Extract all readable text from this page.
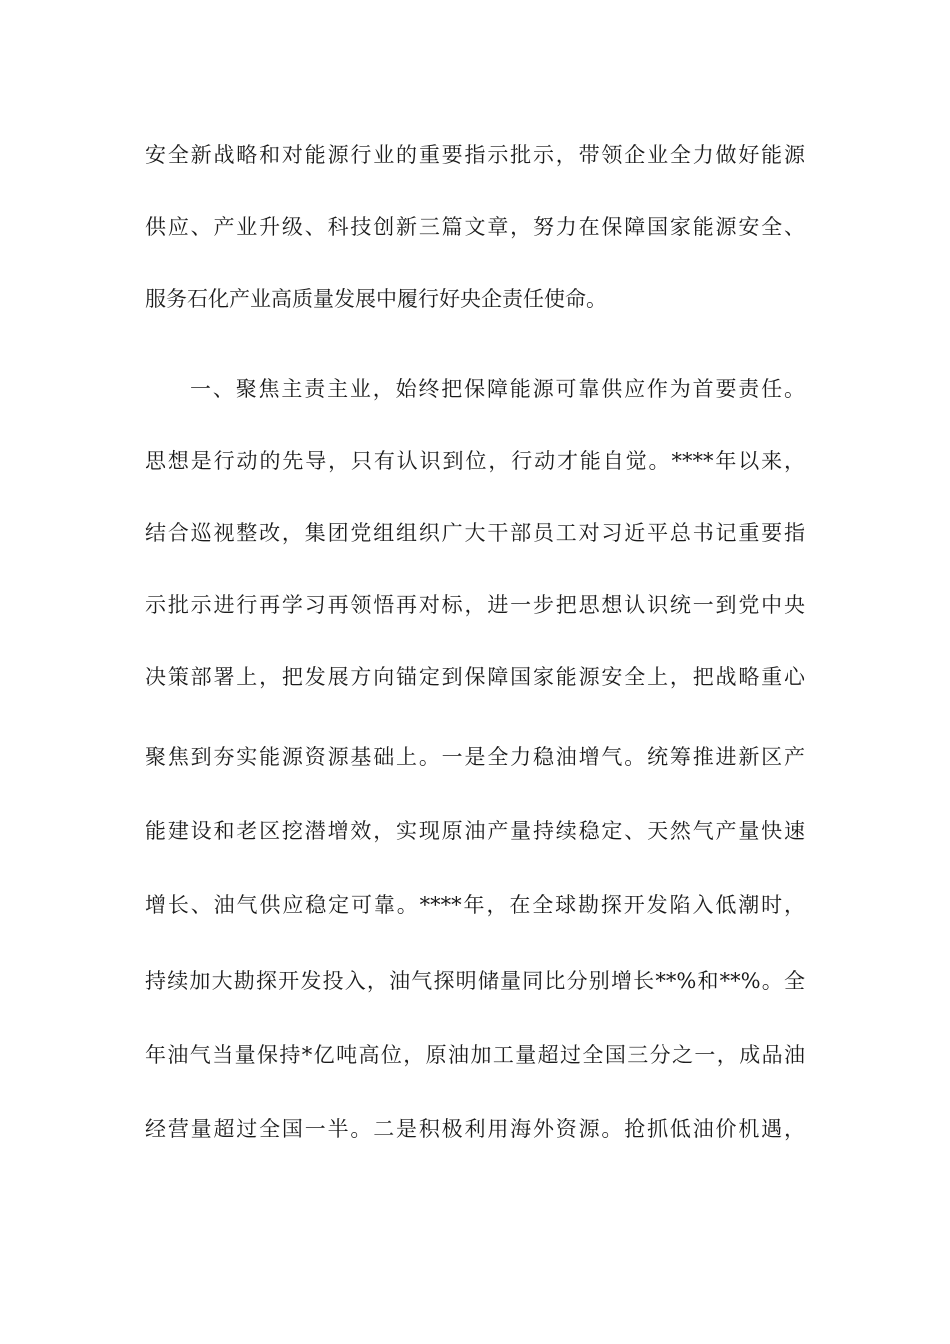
安全新战略和对能源行业的重要指示批示，带领企业全力做好能源
供应、产业升级、科技创新三篇文章，努力在保障国家能源安全、
服务石化产业高质量发展中履行好央企责任使命。
一、聚焦主责主业，始终把保障能源可靠供应作为首要责任。
思想是行动的先导，只有认识到位，行动才能自觉。****年以来，
结合巡视整改，集团党组组织广大干部员工对习近平总书记重要指
示批示进行再学习再领悟再对标，进一步把思想认识统一到党中央
决策部署上，把发展方向锚定到保障国家能源安全上，把战略重心
聚焦到夯实能源资源基础上。一是全力稳油增气。统筹推进新区产
能建设和老区挖潜增效，实现原油产量持续稳定、天然气产量快速
增长、油气供应稳定可靠。****年，在全球勘探开发陷入低潮时，
持续加大勘探开发投入，油气探明储量同比分别增长**%和**%。全
年油气当量保持*亿吨高位，原油加工量超过全国三分之一，成品油
经营量超过全国一半。二是积极利用海外资源。抢抓低油价机遇，
